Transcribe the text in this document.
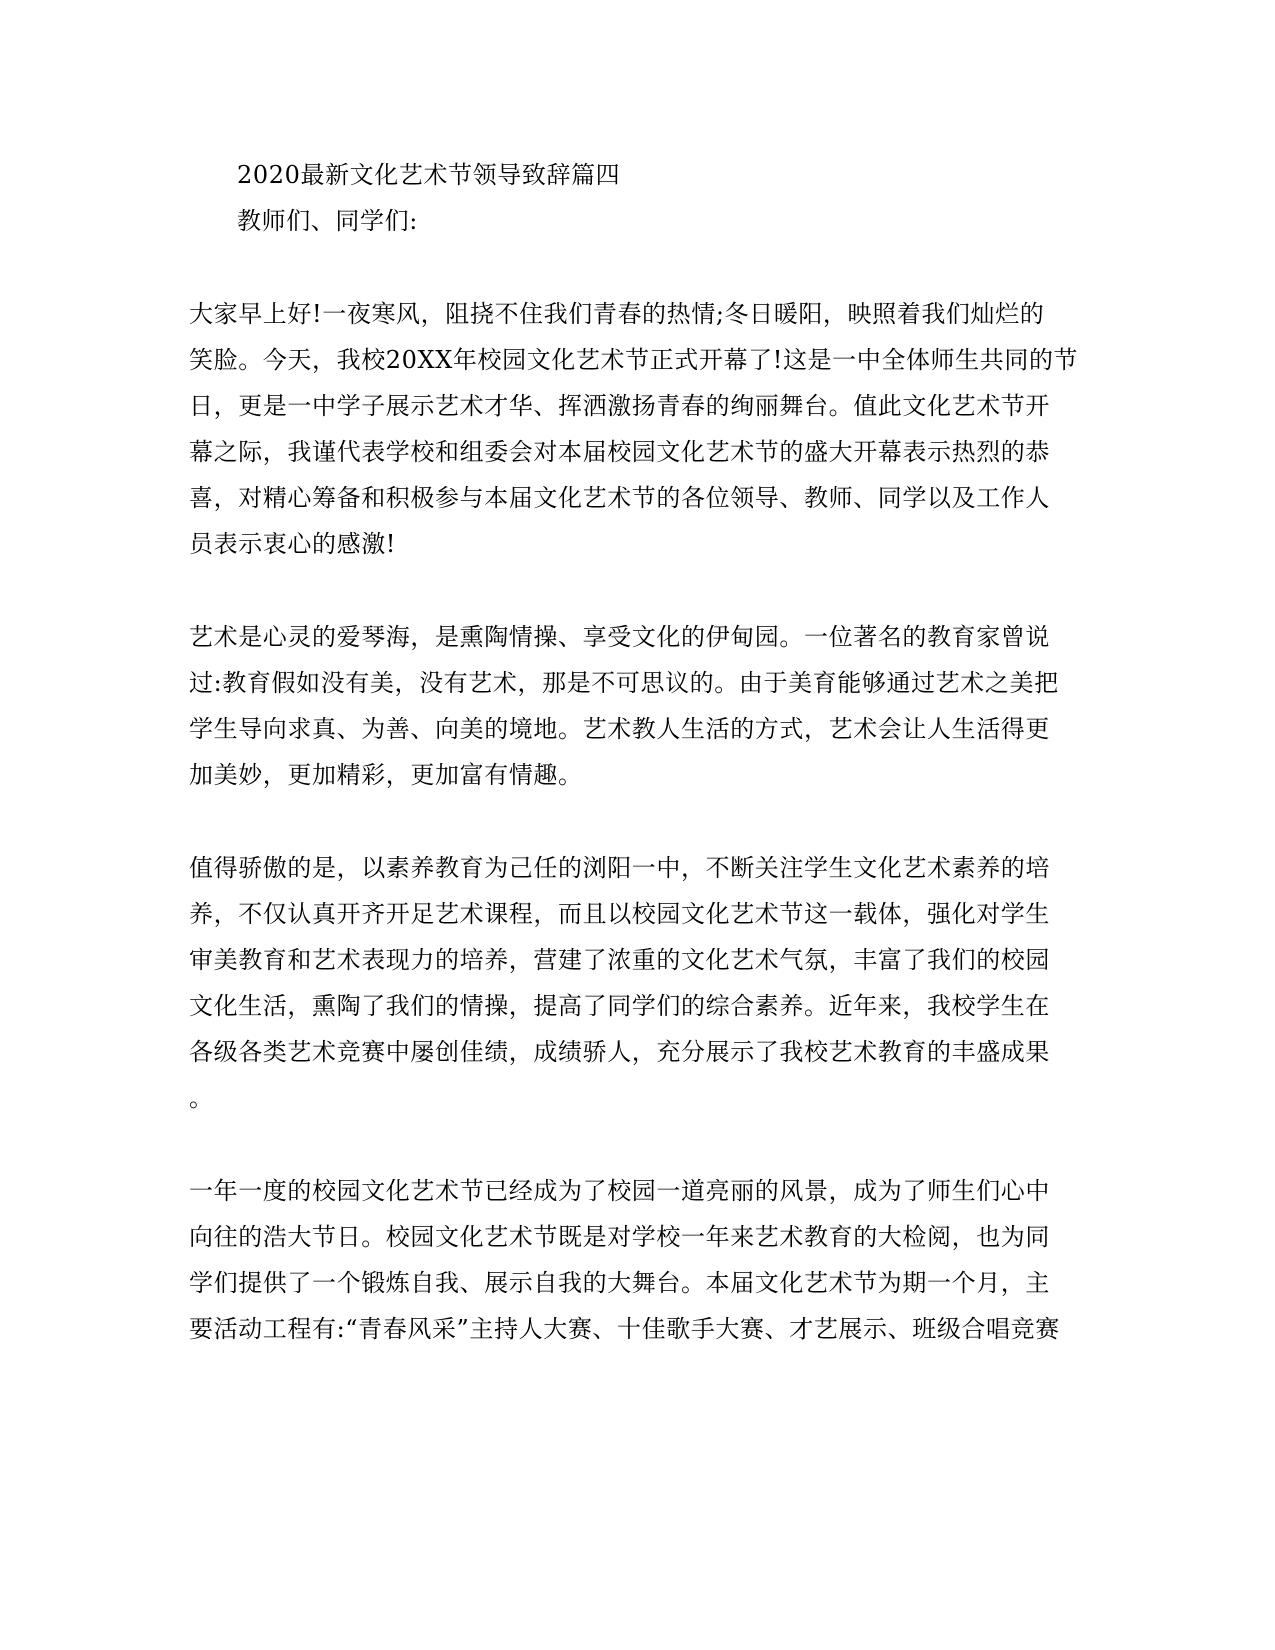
2020最新文化艺术节领导致辞篇四
教师们、同学们:
大家早上好!一夜寒风，阻挠不住我们青春的热情;冬日暖阳，映照着我们灿烂的
笑脸。今天，我校20XX年校园文化艺术节正式开幕了!这是一中全体师生共同的节
日，更是一中学子展示艺术才华、挥洒激扬青春的绚丽舞台。值此文化艺术节开
幕之际，我谨代表学校和组委会对本届校园文化艺术节的盛大开幕表示热烈的恭
喜，对精心筹备和积极参与本届文化艺术节的各位领导、教师、同学以及工作人
员表示衷心的感激!
艺术是心灵的爱琴海，是熏陶情操、享受文化的伊甸园。一位著名的教育家曾说
过:教育假如没有美，没有艺术，那是不可思议的。由于美育能够通过艺术之美把
学生导向求真、为善、向美的境地。艺术教人生活的方式，艺术会让人生活得更
加美妙，更加精彩，更加富有情趣。
值得骄傲的是，以素养教育为己任的浏阳一中，不断关注学生文化艺术素养的培
养，不仅认真开齐开足艺术课程，而且以校园文化艺术节这一载体，强化对学生
审美教育和艺术表现力的培养，营建了浓重的文化艺术气氛，丰富了我们的校园
文化生活，熏陶了我们的情操，提高了同学们的综合素养。近年来，我校学生在
各级各类艺术竞赛中屡创佳绩，成绩骄人，充分展示了我校艺术教育的丰盛成果
。
一年一度的校园文化艺术节已经成为了校园一道亮丽的风景，成为了师生们心中
向往的浩大节日。校园文化艺术节既是对学校一年来艺术教育的大检阅，也为同
学们提供了一个锻炼自我、展示自我的大舞台。本届文化艺术节为期一个月，主
要活动工程有:“青春风采”主持人大赛、十佳歌手大赛、才艺展示、班级合唱竞赛
